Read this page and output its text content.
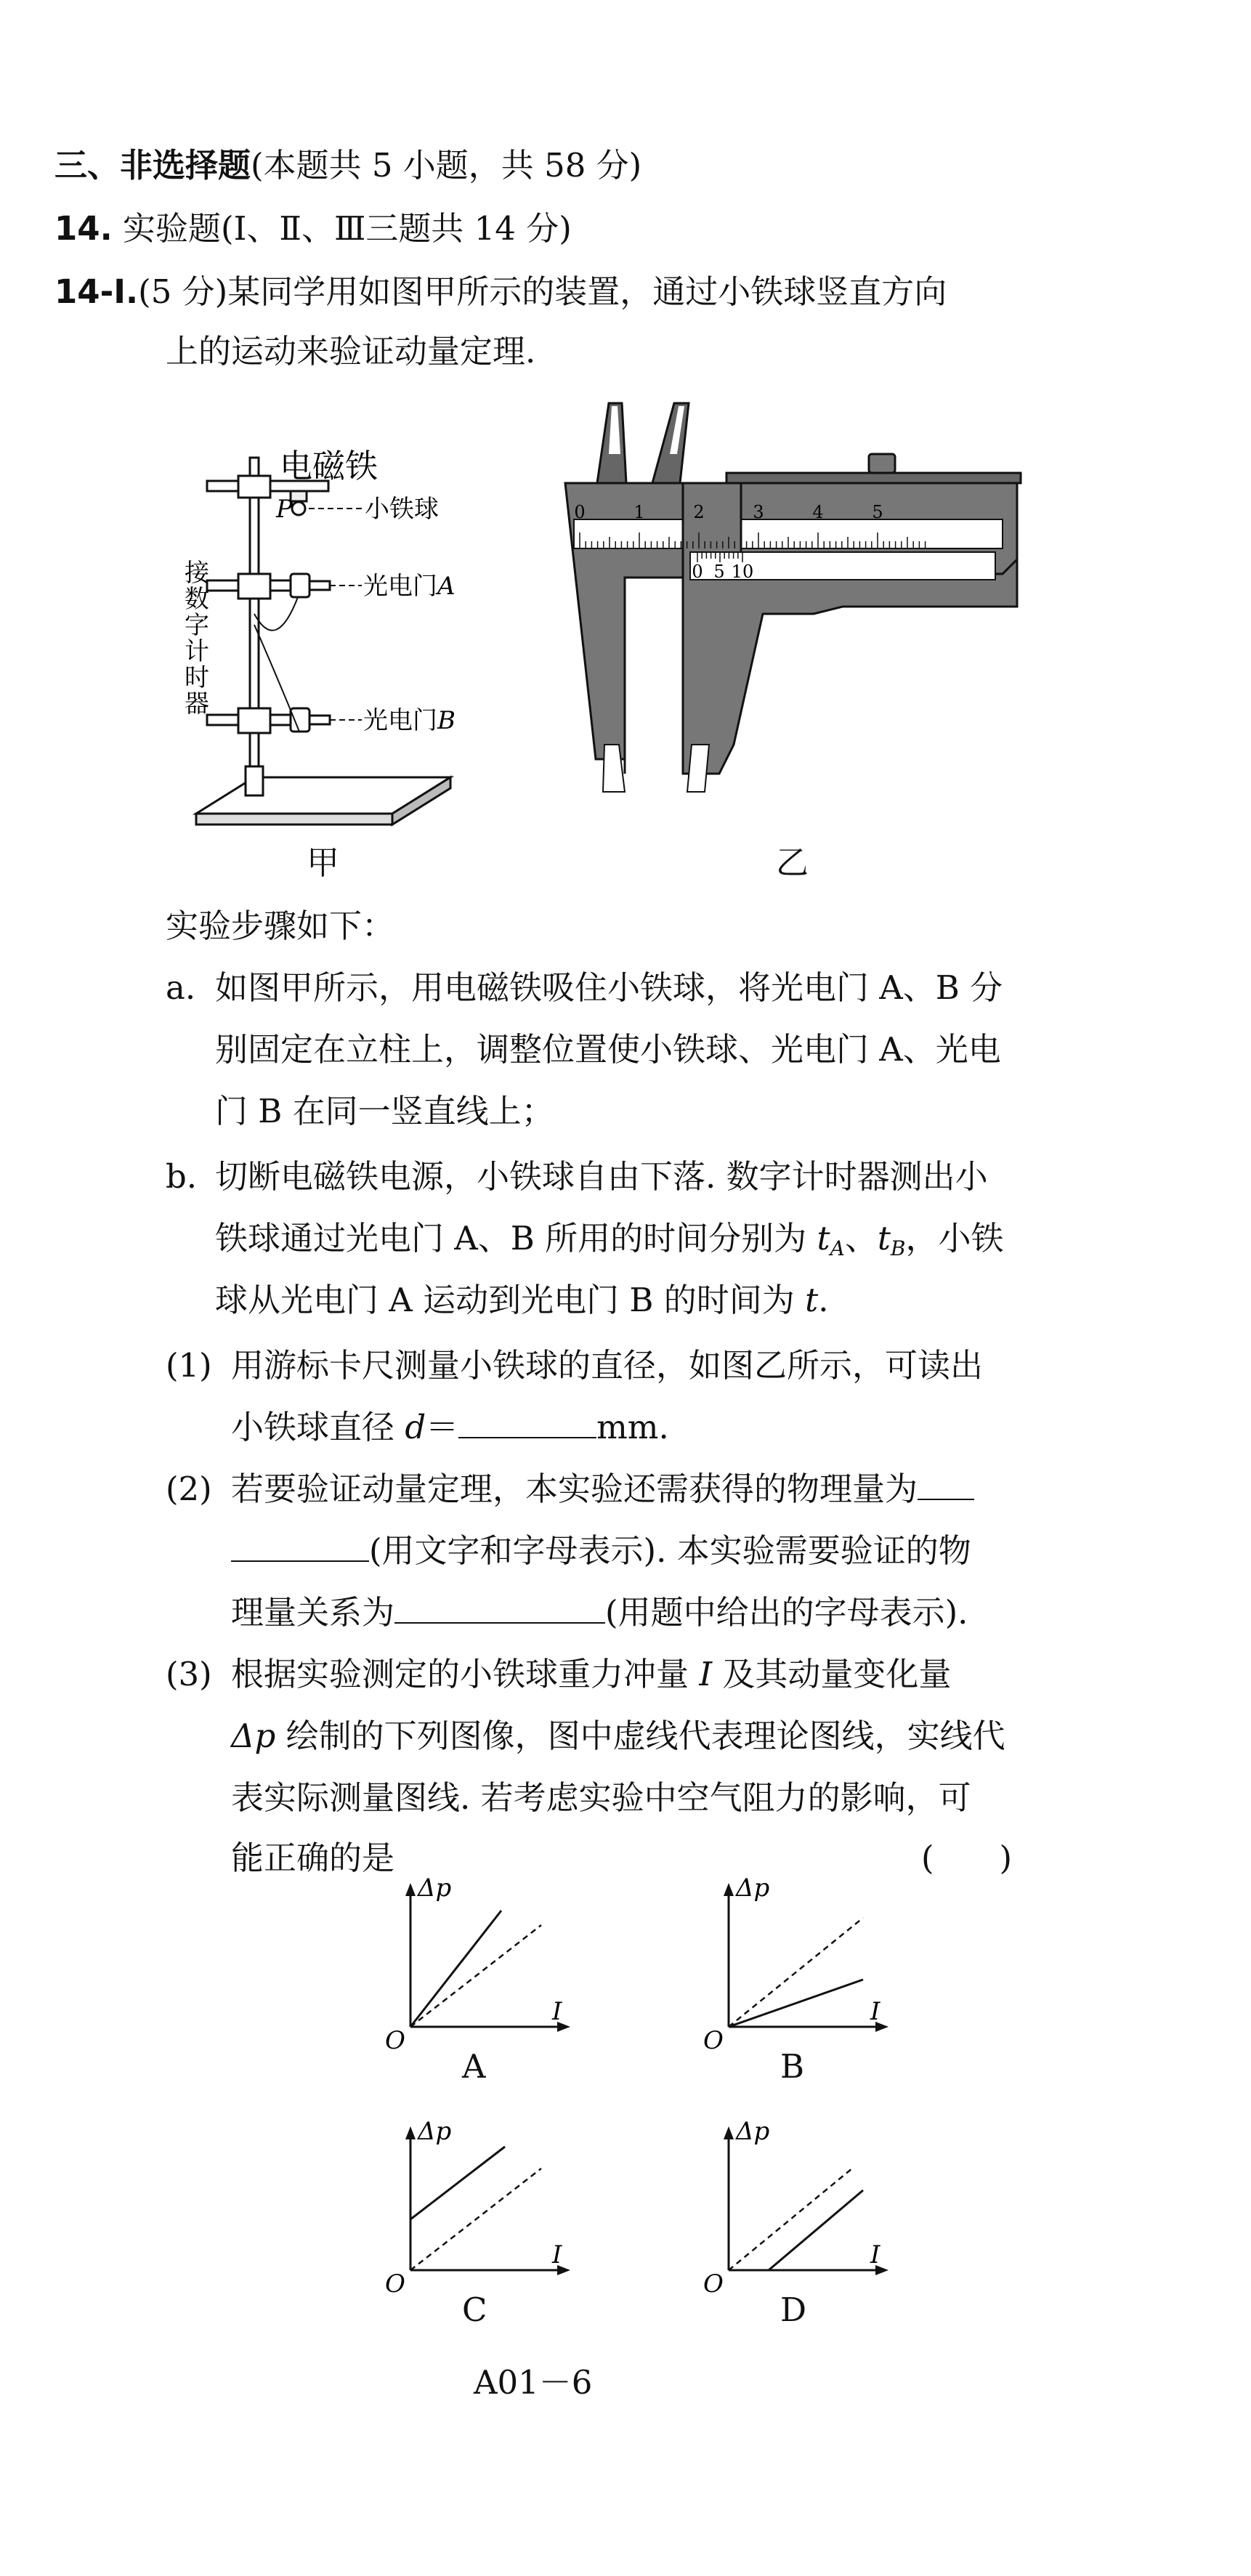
三、非选择题(本题共 5 小题，共 58 分)
14. 实验题(Ⅰ、Ⅱ、Ⅲ三题共 14 分)
14-Ⅰ.(5 分)某同学用如图甲所示的装置，通过小铁球竖直方向
上的运动来验证动量定理.
电磁铁
P	小铁球
光电门A
光电门B
接
数
字
计
时
器
甲
0	1	2	3	4	5
0 5 10
乙
实验步骤如下：
a. 如图甲所示，用电磁铁吸住小铁球，将光电门 A、B 分
别固定在立柱上，调整位置使小铁球、光电门 A、光电
门 B 在同一竖直线上；
b. 切断电磁铁电源，小铁球自由下落. 数字计时器测出小
铁球通过光电门 A、B 所用的时间分别为 $t_A$、$t_B$，小铁
球从光电门 A 运动到光电门 B 的时间为 t.
(1) 用游标卡尺测量小铁球的直径，如图乙所示，可读出
小铁球直径 d＝	mm.
(2) 若要验证动量定理，本实验还需获得的物理量为
(用文字和字母表示). 本实验需要验证的物
理量关系为	(用题中给出的字母表示).
(3) 根据实验测定的小铁球重力冲量 I 及其动量变化量
Δp 绘制的下列图像，图中虚线代表理论图线，实线代
表实际测量图线. 若考虑实验中空气阻力的影响，可
能正确的是	(　　)
Δp
I
O
A
Δp
I
O
B
Δp
I
O
C
Δp
I
O
D
A01－6
